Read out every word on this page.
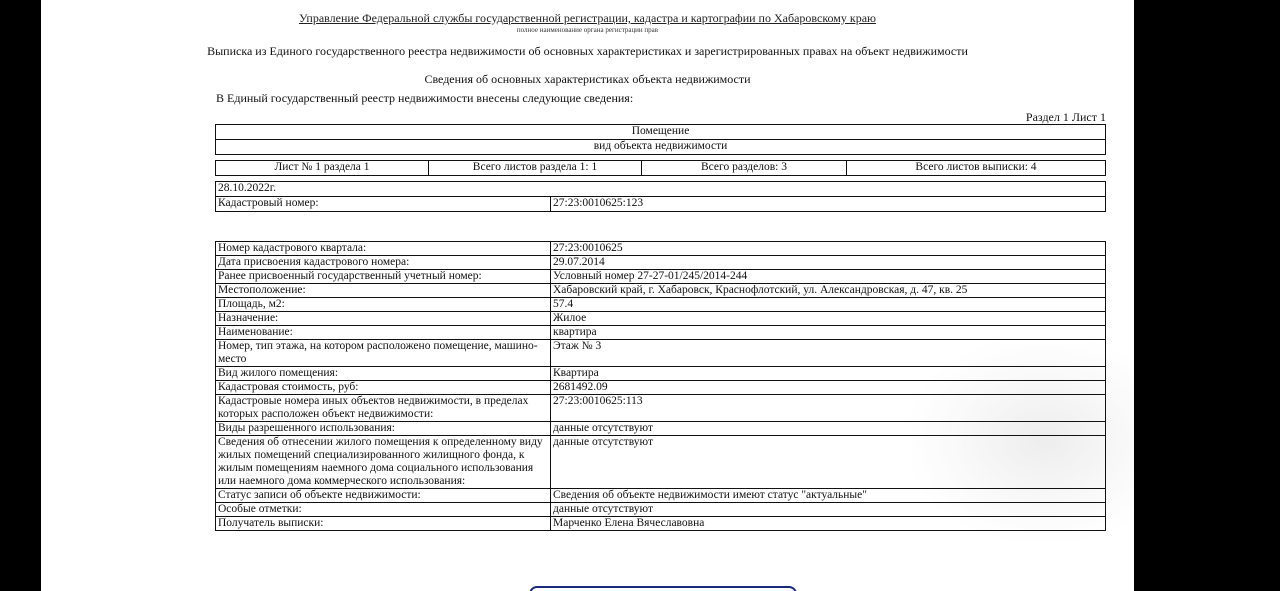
Управление Федеральной службы государственной регистрации, кадастра и картографии по Хабаровскому краю
полное наименование органа регистрации прав
Выписка из Единого государственного реестра недвижимости об основных характеристиках и зарегистрированных правах на объект недвижимости
Сведения об основных характеристиках объекта недвижимости
В Единый государственный реестр недвижимости внесены следующие сведения:
Раздел 1 Лист 1
Помещение
вид объекта недвижимости
Лист № 1 раздела 1	Всего листов раздела 1: 1	Всего разделов: 3	Всего листов выписки: 4
28.10.2022г.
Кадастровый номер:	27:23:0010625:123
Номер кадастрового квартала:	27:23:0010625
Дата присвоения кадастрового номера:	29.07.2014
Ранее присвоенный государственный учетный номер:	Условный номер 27-27-01/245/2014-244
Местоположение:	Хабаровский край, г. Хабаровск, Краснофлотский, ул. Александровская, д. 47, кв. 25
Площадь, м2:	57.4
Назначение:	Жилое
Наименование:	квартира
Номер, тип этажа, на котором расположено помещение, машино-место	Этаж № 3
Вид жилого помещения:	Квартира
Кадастровая стоимость, руб:	2681492.09
Кадастровые номера иных объектов недвижимости, в пределах которых расположен объект недвижимости:	27:23:0010625:113
Виды разрешенного использования:	данные отсутствуют
Сведения об отнесении жилого помещения к определенному виду жилых помещений специализированного жилищного фонда, к жилым помещениям наемного дома социального использования или наемного дома коммерческого использования:	данные отсутствуют
Статус записи об объекте недвижимости:	Сведения об объекте недвижимости имеют статус "актуальные"
Особые отметки:	данные отсутствуют
Получатель выписки:	Марченко Елена Вячеславовна
